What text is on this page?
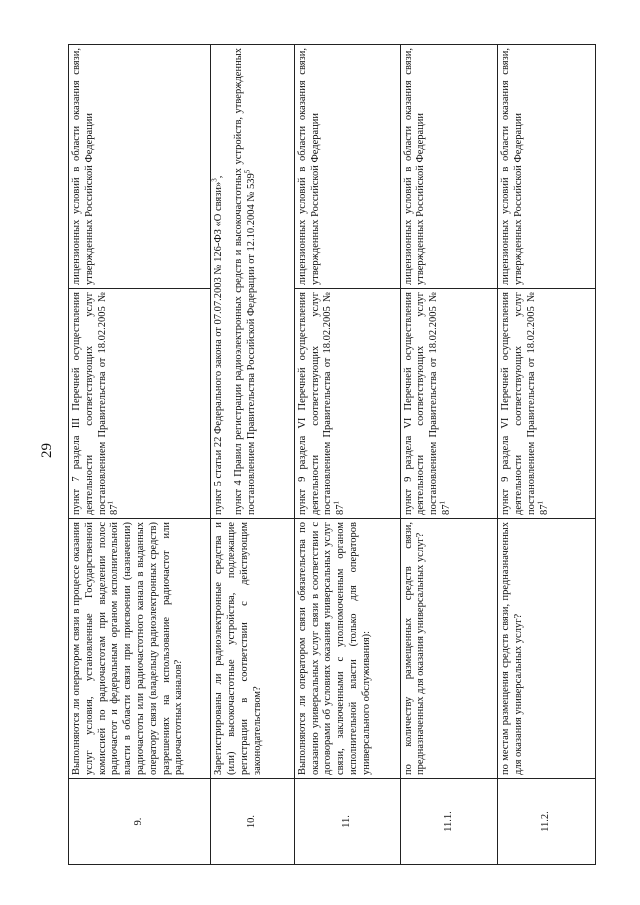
29
9.	Выполняются ли оператором связи в процессе оказания услуг условия, установленные Государственной комиссией по радиочастотам при выделении полос радиочастот и федеральным органом исполнительной власти в области связи при присвоении (назначении) радиочастоты или радиочастотного канала в выданных оператору связи (владельцу радиоэлектронных средств) разрешениях на использование радиочастот или радиочастотных каналов?	пункт 7 раздела III Перечней осуществления деятельности соответствующих услуг постановлением Правительства от 18.02.2005 № $87^1$	лицензионных условий в области оказания связи, утвержденных Российской Федерации
10.	Зарегистрированы ли радиоэлектронные средства и (или) высокочастотные устройства, подлежащие регистрации в соответствии с действующим законодательством?	пункт 5 статьи 22 Федерального закона от 07.07.2003 № 126-ФЗ «О связи»$^3$, пункт 4 Правил регистрации радиоэлектронных средств и высокочастотных устройств, утвержденных постановлением Правительства Российской Федерации от 12.10.2004 № $539^5$

11.	Выполняются ли оператором связи обязательства по оказанию универсальных услуг связи в соответствии с договорами об условиях оказания универсальных услуг связи, заключенными с уполномоченным органом исполнительной власти (только для операторов универсального обслуживания):	пункт 9 раздела VI Перечней осуществления деятельности соответствующих услуг постановлением Правительства от 18.02.2005 № $87^1$	лицензионных условий в области оказания связи, утвержденных Российской Федерации
11.1.	по количеству размещенных средств связи, предназначенных для оказания универсальных услуг?	пункт 9 раздела VI Перечней осуществления деятельности соответствующих услуг постановлением Правительства от 18.02.2005 № $87^1$	лицензионных условий в области оказания связи, утвержденных Российской Федерации
11.2.	по местам размещения средств связи, предназначенных для оказания универсальных услуг?	пункт 9 раздела VI Перечней осуществления деятельности соответствующих услуг постановлением Правительства от 18.02.2005 № $87^1$	лицензионных условий в области оказания связи, утвержденных Российской Федерации
